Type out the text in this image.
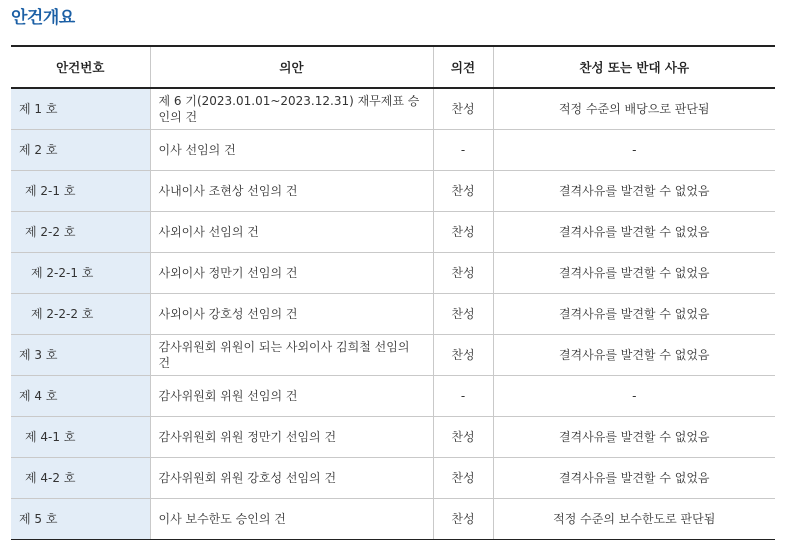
안건개요
안건번호	의안	의견	찬성 또는 반대 사유
제 1 호	제 6 기(2023.01.01~2023.12.31) 재무제표 승인의 건	찬성	적정 수준의 배당으로 판단됨
제 2 호	이사 선임의 건	-	-
제 2-1 호	사내이사 조현상 선임의 건	찬성	결격사유를 발견할 수 없었음
제 2-2 호	사외이사 선임의 건	찬성	결격사유를 발견할 수 없었음
제 2-2-1 호	사외이사 정만기 선임의 건	찬성	결격사유를 발견할 수 없었음
제 2-2-2 호	사외이사 강호성 선임의 건	찬성	결격사유를 발견할 수 없었음
제 3 호	감사위원회 위원이 되는 사외이사 김희철 선임의 건	찬성	결격사유를 발견할 수 없었음
제 4 호	감사위원회 위원 선임의 건	-	-
제 4-1 호	감사위원회 위원 정만기 선임의 건	찬성	결격사유를 발견할 수 없었음
제 4-2 호	감사위원회 위원 강호성 선임의 건	찬성	결격사유를 발견할 수 없었음
제 5 호	이사 보수한도 승인의 건	찬성	적정 수준의 보수한도로 판단됨
